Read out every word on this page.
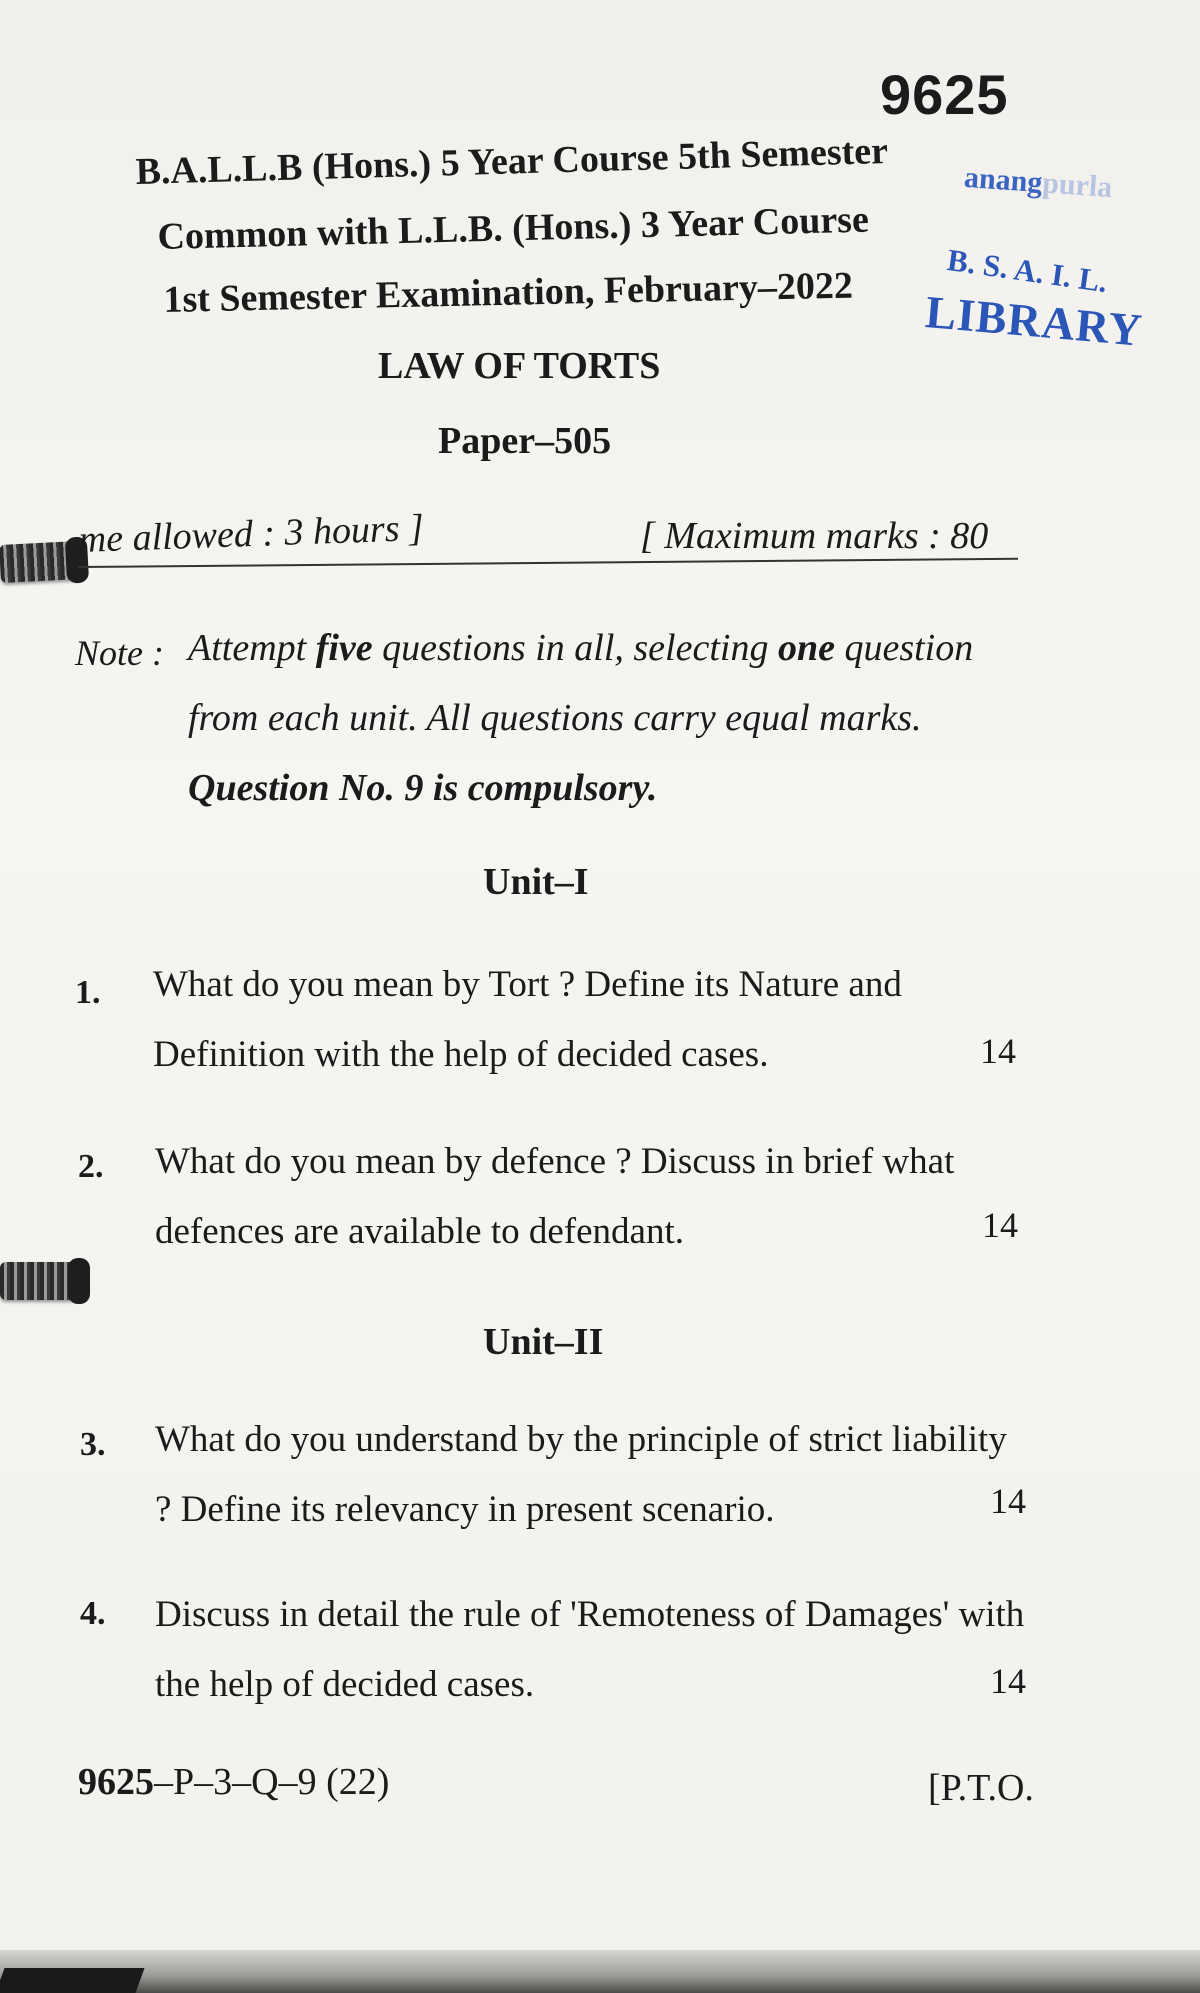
9625
B.A.L.L.B (Hons.) 5 Year Course 5th Semester
Common with L.L.B. (Hons.) 3 Year Course
1st Semester Examination, February–2022
anangpurla
B. S. A. I. L.
LIBRARY
LAW OF TORTS
Paper–505
me allowed : 3 hours ]	[ Maximum marks : 80
Note : Attempt five questions in all, selecting one question from each unit. All questions carry equal marks.
Question No. 9 is compulsory.
Unit–I
1. What do you mean by Tort ? Define its Nature and Definition with the help of decided cases.	14
2. What do you mean by defence ? Discuss in brief what defences are available to defendant.	14
Unit–II
3. What do you understand by the principle of strict liability ? Define its relevancy in present scenario.	14
4. Discuss in detail the rule of 'Remoteness of Damages' with the help of decided cases.	14
9625–P–3–Q–9 (22)	[P.T.O.
